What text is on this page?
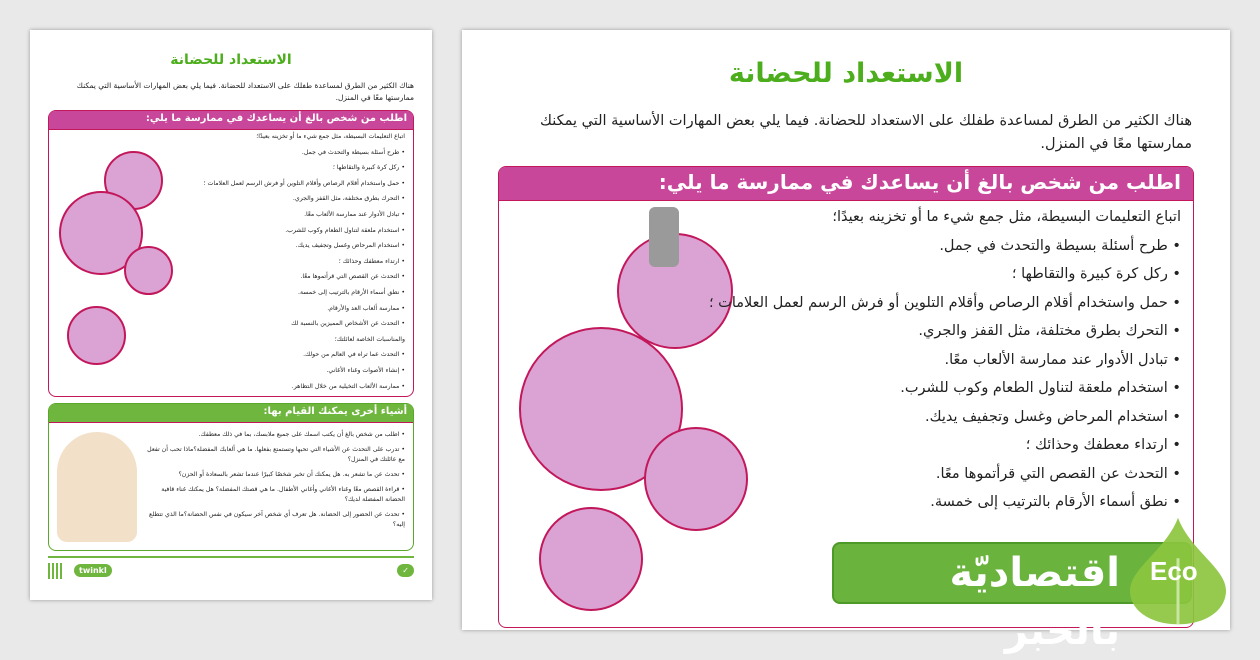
الاستعداد للحضانة
هناك الكثير من الطرق لمساعدة طفلك على الاستعداد للحضانة. فيما يلي بعض المهارات الأساسية التي يمكنك ممارستها معًا في المنزل.
اطلب من شخص بالغ أن يساعدك في ممارسة ما يلي:
اتباع التعليمات البسيطة، مثل جمع شيء ما أو تخزينه بعيدًا؛
• طرح أسئلة بسيطة والتحدث في جمل.
• ركل كرة كبيرة والتقاطها ؛
• حمل واستخدام أقلام الرصاص وأقلام التلوين أو فرش الرسم لعمل العلامات ؛
• التحرك بطرق مختلفة، مثل القفز والجري.
• تبادل الأدوار عند ممارسة الألعاب معًا.
• استخدام ملعقة لتناول الطعام وكوب للشرب.
• استخدام المرحاض وغسل وتجفيف يديك.
• ارتداء معطفك وحذائك ؛
• التحدث عن القصص التي قرأتموها معًا.
• نطق أسماء الأرقام بالترتيب إلى خمسة.
• ممارسة ألعاب العد والأرقام.
• التحدث عن الأشخاص المميزين بالنسبة لك
والمناسبات الخاصة لعائلتك؛
• التحدث عما تراه في العالم من حولك.
• إنشاء الأصوات وغناء الأغاني.
• ممارسة الألعاب التخيلية من خلال التظاهر.
أشياء أخرى يمكنك القيام بها:
• اطلب من شخص بالغ أن يكتب اسمك على جميع ملابسك، بما في ذلك معطفك.
• تدرب على التحدث عن الأشياء التي تحبها وتستمتع بفعلها. ما هي ألعابك المفضلة؟ماذا تحب أن تفعل مع عائلتك في المنزل؟
• تحدث عن ما تشعر به. هل يمكنك أن تخبر شخصًا كبيرًا عندما تشعر بالسعادة أو الحزن؟
• قراءة القصص معًا وغناء الأغاني وأغاني الأطفال. ما هي قصتك المفضلة؟ هل يمكنك غناء قافية الحضانة المفضلة لديك؟
• تحدث عن الحضور إلى الحضانة. هل تعرف أي شخص آخر سيكون في نفس الحضانة؟ما الذي تتطلع إليه؟
twinkl	✓
الاستعداد للحضانة
هناك الكثير من الطرق لمساعدة طفلك على الاستعداد للحضانة. فيما يلي بعض المهارات الأساسية التي يمكنك ممارستها معًا في المنزل.
اطلب من شخص بالغ أن يساعدك في ممارسة ما يلي:
اتباع التعليمات البسيطة، مثل جمع شيء ما أو تخزينه بعيدًا؛
• طرح أسئلة بسيطة والتحدث في جمل.
• ركل كرة كبيرة والتقاطها ؛
• حمل واستخدام أقلام الرصاص وأقلام التلوين أو فرش الرسم لعمل العلامات ؛
• التحرك بطرق مختلفة، مثل القفز والجري.
• تبادل الأدوار عند ممارسة الألعاب معًا.
• استخدام ملعقة لتناول الطعام وكوب للشرب.
• استخدام المرحاض وغسل وتجفيف يديك.
• ارتداء معطفك وحذائك ؛
• التحدث عن القصص التي قرأتموها معًا.
• نطق أسماء الأرقام بالترتيب إلى خمسة.
اقتصاديّة بالحبر
Eco
